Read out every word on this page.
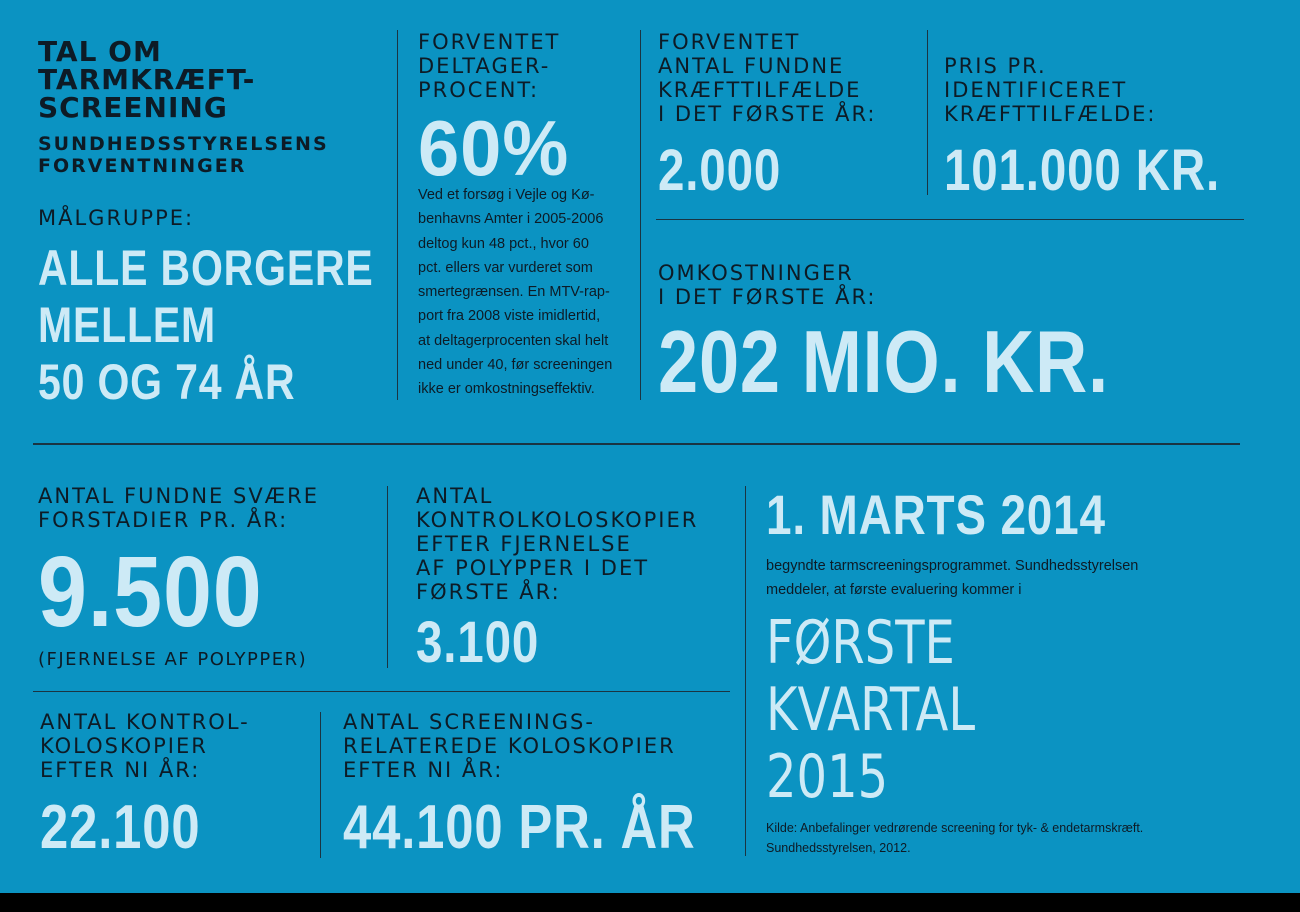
TAL OM
TARMKRÆFT-
SCREENING
SUNDHEDSSTYRELSENS
FORVENTNINGER
MÅLGRUPPE:
ALLE BORGERE
MELLEM
50 OG 74 ÅR
FORVENTET
DELTAGER-
PROCENT:
60%
Ved et forsøg i Vejle og Kø-
benhavns Amter i 2005-2006
deltog kun 48 pct., hvor 60
pct. ellers var vurderet som
smertegrænsen. En MTV-rap-
port fra 2008 viste imidlertid,
at deltagerprocenten skal helt
ned under 40, før screeningen
ikke er omkostningseffektiv.
FORVENTET
ANTAL FUNDNE
KRÆFTTILFÆLDE
I DET FØRSTE ÅR:
2.000
PRIS PR.
IDENTIFICERET
KRÆFTTILFÆLDE:
101.000 KR.
OMKOSTNINGER
I DET FØRSTE ÅR:
202 MIO. KR.
ANTAL FUNDNE SVÆRE
FORSTADIER PR. ÅR:
9.500
(FJERNELSE AF POLYPPER)
ANTAL
KONTROLKOLOSKOPIER
EFTER FJERNELSE
AF POLYPPER I DET
FØRSTE ÅR:
3.100
ANTAL KONTROL-
KOLOSKOPIER
EFTER NI ÅR:
22.100
ANTAL SCREENINGS-
RELATEREDE KOLOSKOPIER
EFTER NI ÅR:
44.100 PR. ÅR
1. MARTS 2014
begyndte tarmscreeningsprogrammet. Sundhedsstyrelsen
meddeler, at første evaluering kommer i
FØRSTE
KVARTAL
2015
Kilde: Anbefalinger vedrørende screening for tyk- & endetarmskræft.
Sundhedsstyrelsen, 2012.
